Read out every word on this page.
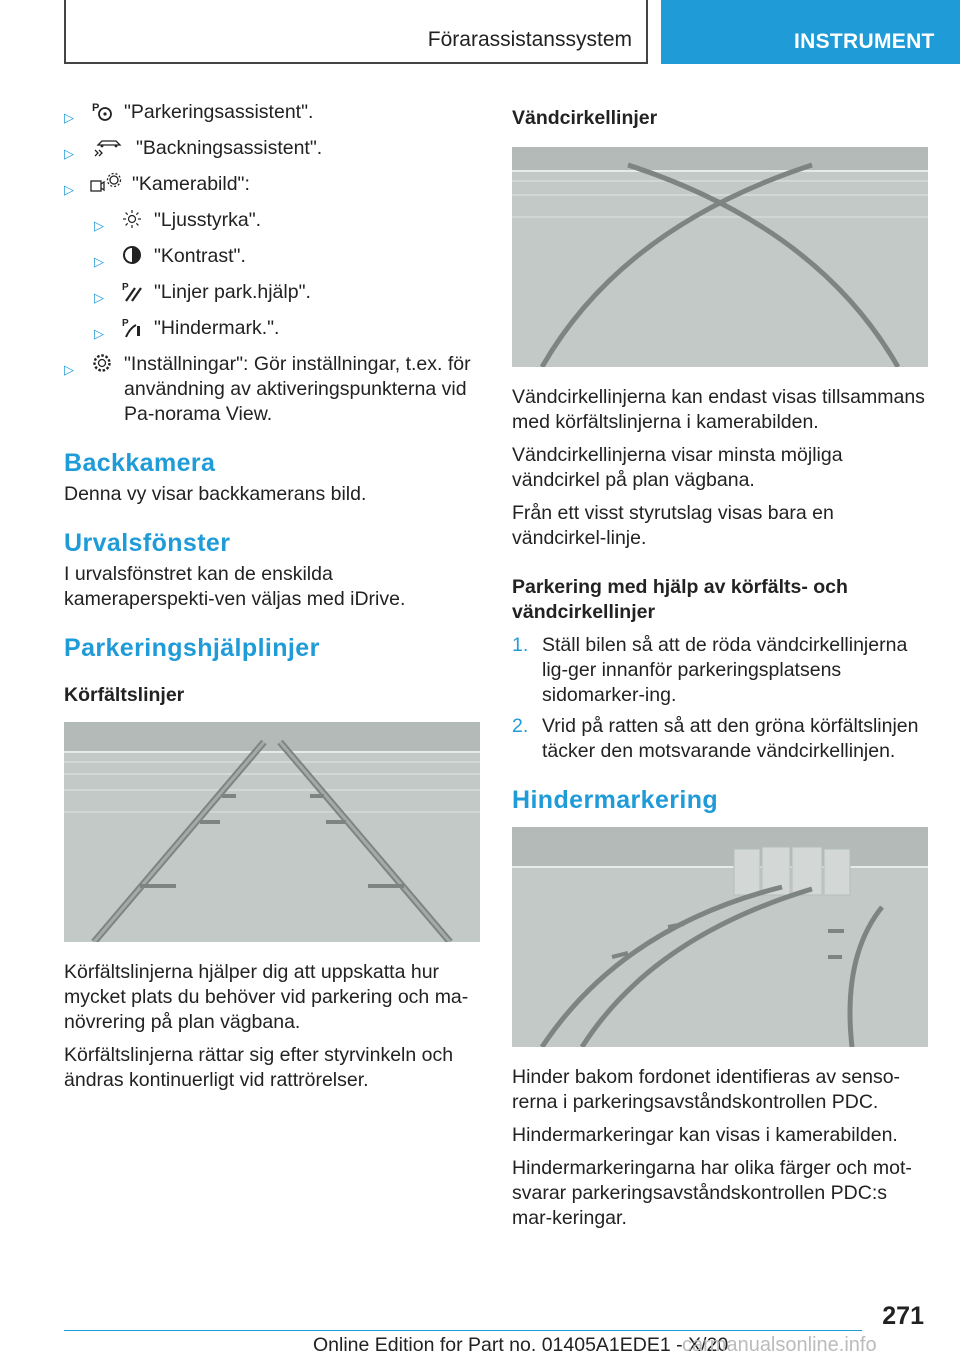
Förarassistanssystem	INSTRUMENT
▷
P "Parkeringsassistent".
▷	"Backningsassistent".
▷	"Kamerabild":
▷	"Ljusstyrka".
▷	"Kontrast".
▷
P "Linjer park.hjälp".
▷
P "Hindermark.".
▷	"Inställningar": Gör inställningar, t.ex. för användning av aktiveringspunkterna vid Pa-norama View.
Backkamera

Denna vy visar backkamerans bild.

Urvalsfönster

I urvalsfönstret kan de enskilda kameraperspekti-ven väljas med iDrive.

Parkeringshjälplinjer
Körfältslinjer

Körfältslinjerna hjälper dig att uppskatta hur mycket plats du behöver vid parkering och ma-növrering på plan vägbana.

Körfältslinjerna rättar sig efter styrvinkeln och ändras kontinuerligt vid rattrörelser.

Vändcirkellinjer

Vändcirkellinjerna kan endast visas tillsammans med körfältslinjerna i kamerabilden.

Vändcirkellinjerna visar minsta möjliga vändcirkel på plan vägbana.

Från ett visst styrutslag visas bara en vändcirkel-linje.

Parkering med hjälp av körfälts- och vändcirkellinjer
1. Ställ bilen så att de röda vändcirkellinjerna lig-ger innanför parkeringsplatsens sidomarker-ing.
2. Vrid på ratten så att den gröna körfältslinjen täcker den motsvarande vändcirkellinjen.
Hindermarkering

Hinder bakom fordonet identifieras av senso-rerna i parkeringsavståndskontrollen PDC.

Hindermarkeringar kan visas i kamerabilden.

Hindermarkeringarna har olika färger och mot-svarar parkeringsavståndskontrollen PDC:s mar-keringar.

271
Online Edition for Part no. 01405A1EDE1 - X/20
carmanualsonline.info
